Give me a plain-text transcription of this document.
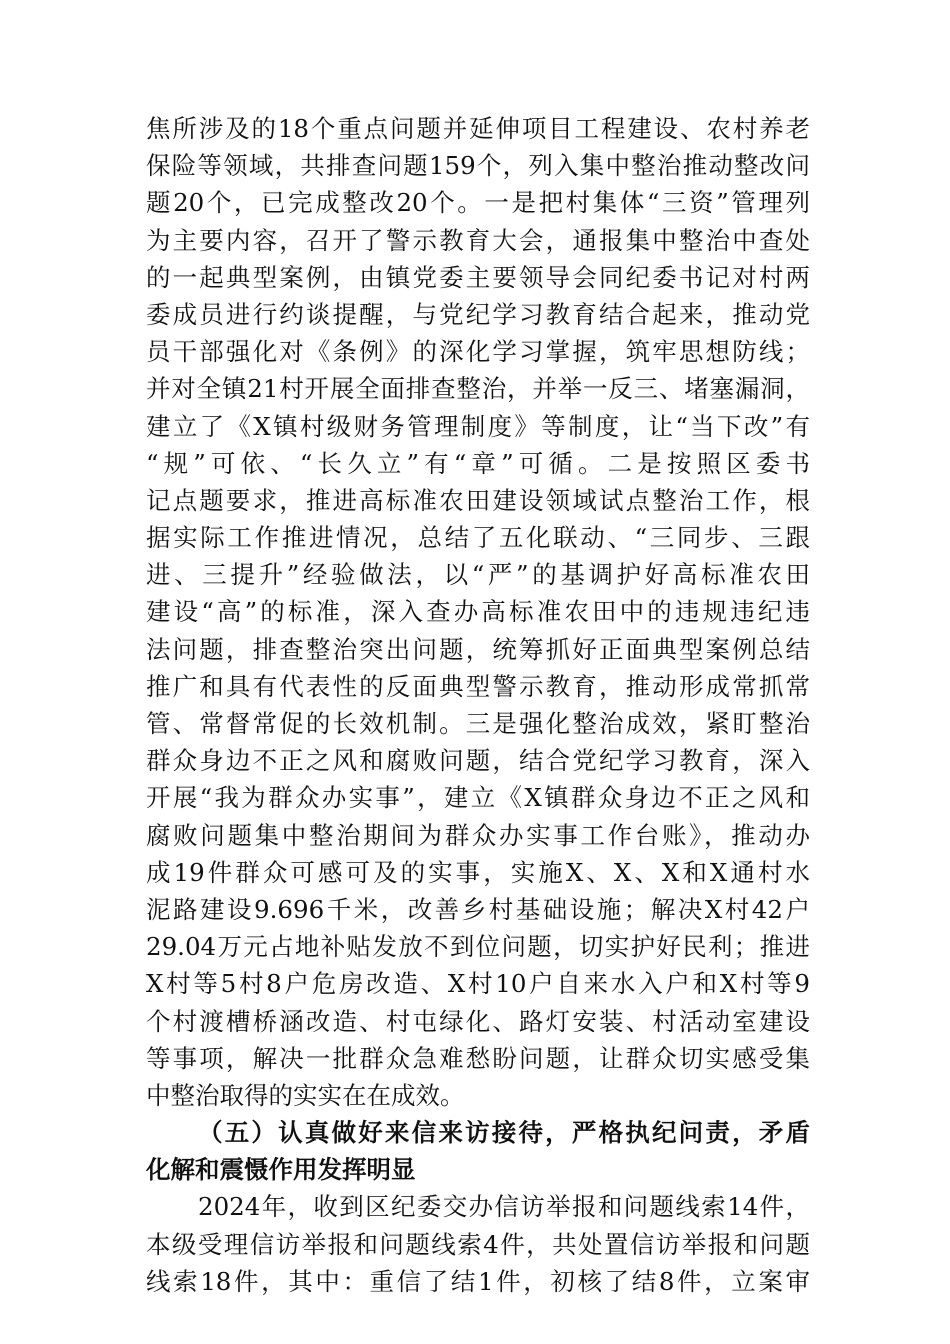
焦所涉及的18个重点问题并延伸项目工程建设、农村养老
保险等领域，共排查问题159个，列入集中整治推动整改问
题20个，已完成整改20个。一是把村集体“三资”管理列
为主要内容，召开了警示教育大会，通报集中整治中查处
的一起典型案例，由镇党委主要领导会同纪委书记对村两
委成员进行约谈提醒，与党纪学习教育结合起来，推动党
员干部强化对《条例》的深化学习掌握，筑牢思想防线；
并对全镇21村开展全面排查整治，并举一反三、堵塞漏洞，
建立了《X镇村级财务管理制度》等制度，让“当下改”有
“规”可依、“长久立”有“章”可循。二是按照区委书
记点题要求，推进高标准农田建设领域试点整治工作，根
据实际工作推进情况，总结了五化联动、“三同步、三跟
进、三提升”经验做法，以“严”的基调护好高标准农田
建设“高”的标准，深入查办高标准农田中的违规违纪违
法问题，排查整治突出问题，统筹抓好正面典型案例总结
推广和具有代表性的反面典型警示教育，推动形成常抓常
管、常督常促的长效机制。三是强化整治成效，紧盯整治
群众身边不正之风和腐败问题，结合党纪学习教育，深入
开展“我为群众办实事”，建立《X镇群众身边不正之风和
腐败问题集中整治期间为群众办实事工作台账》，推动办
成19件群众可感可及的实事，实施X、X、X和X通村水
泥路建设9.696千米，改善乡村基础设施；解决X村42户
29.04万元占地补贴发放不到位问题，切实护好民利；推进
X村等5村8户危房改造、X村10户自来水入户和X村等9
个村渡槽桥涵改造、村屯绿化、路灯安装、村活动室建设
等事项，解决一批群众急难愁盼问题，让群众切实感受集
中整治取得的实实在在成效。
（五）认真做好来信来访接待，严格执纪问责，矛盾
化解和震慑作用发挥明显
2024年，收到区纪委交办信访举报和问题线索14件，
本级受理信访举报和问题线索4件，共处置信访举报和问题
线索18件，其中：重信了结1件，初核了结8件，立案审
